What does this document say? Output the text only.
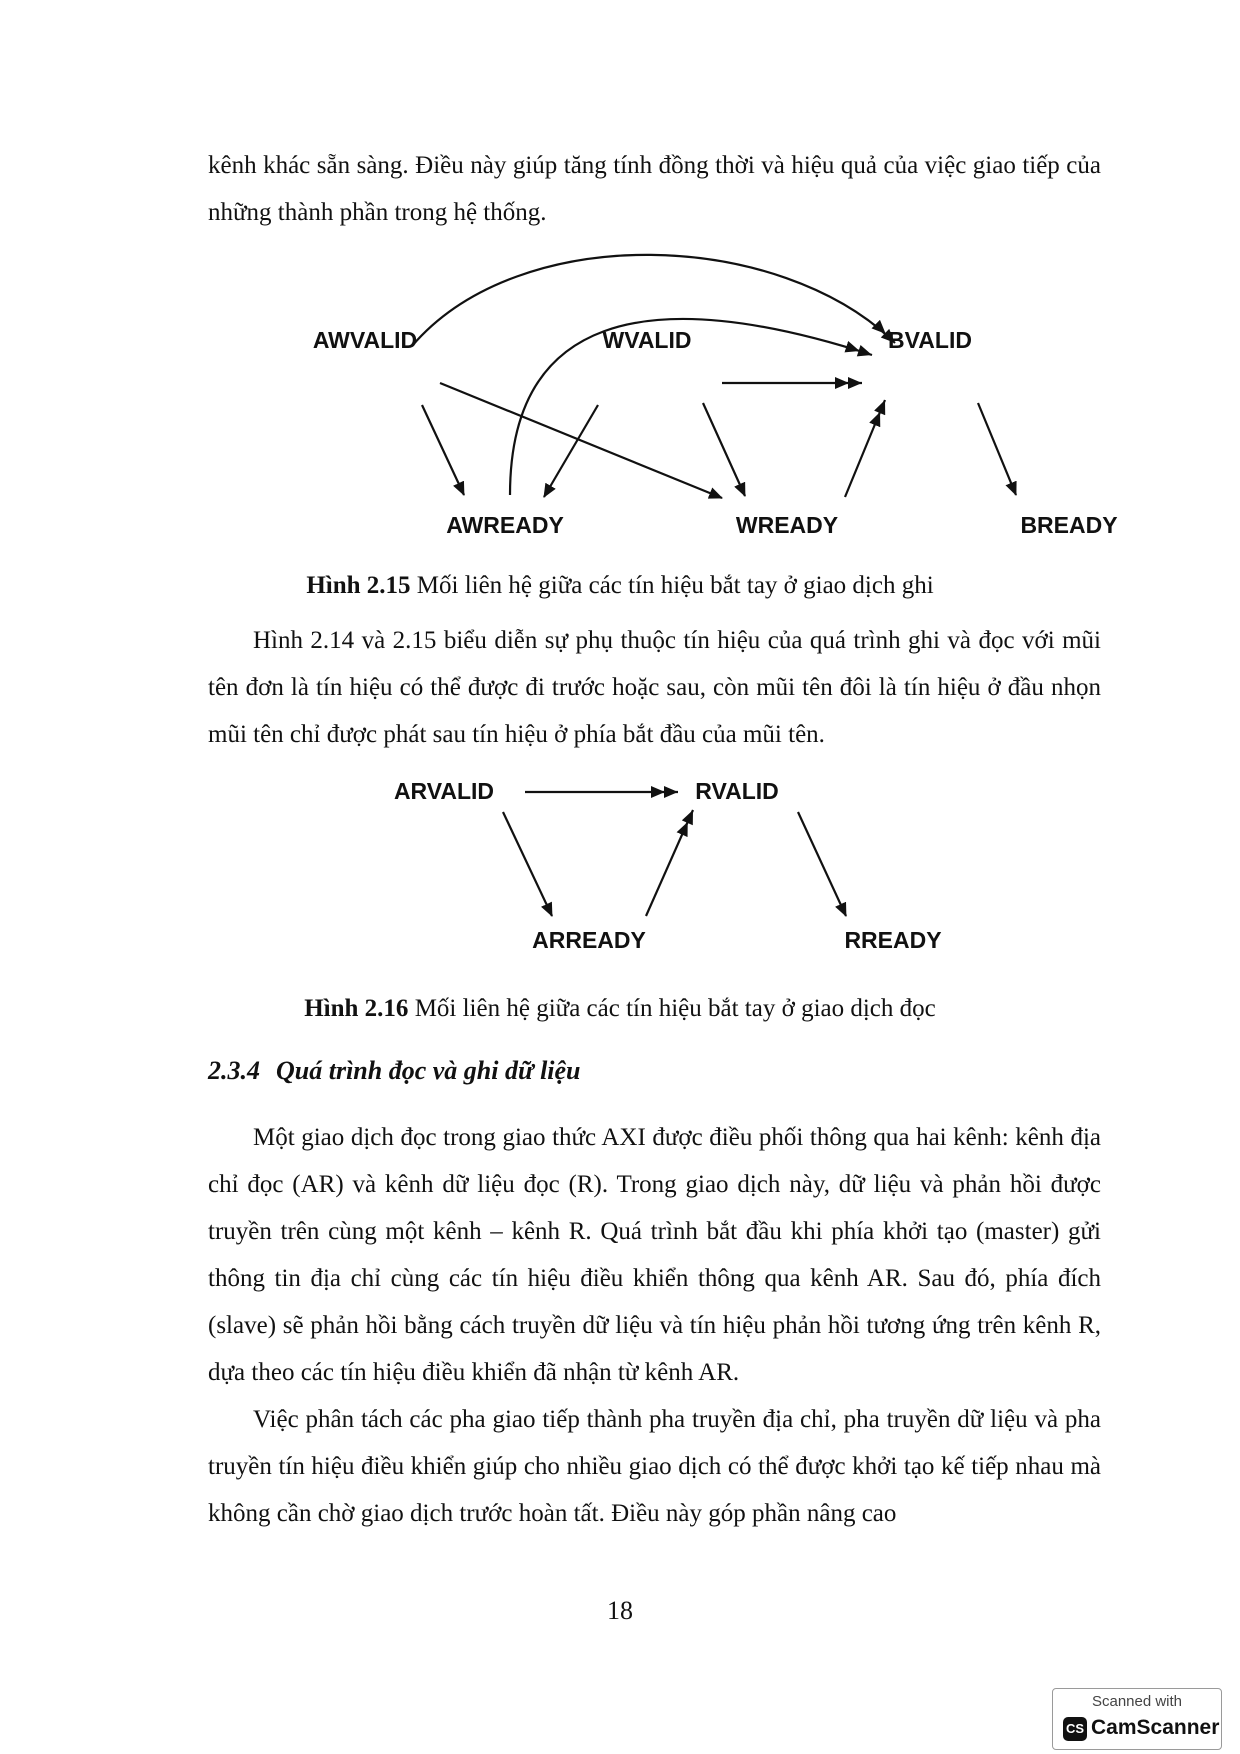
kênh khác sẵn sàng. Điều này giúp tăng tính đồng thời và hiệu quả của việc giao tiếp của những thành phần trong hệ thống.

AWVALID	WVALID	BVALID
AWREADY	WREADY	BREADY

Hình 2.15 Mối liên hệ giữa các tín hiệu bắt tay ở giao dịch ghi

Hình 2.14 và 2.15 biểu diễn sự phụ thuộc tín hiệu của quá trình ghi và đọc với mũi tên đơn là tín hiệu có thể được đi trước hoặc sau, còn mũi tên đôi là tín hiệu ở đầu nhọn mũi tên chỉ được phát sau tín hiệu ở phía bắt đầu của mũi tên.

ARVALID	RVALID
ARREADY	RREADY

Hình 2.16 Mối liên hệ giữa các tín hiệu bắt tay ở giao dịch đọc

2.3.4 Quá trình đọc và ghi dữ liệu

Một giao dịch đọc trong giao thức AXI được điều phối thông qua hai kênh: kênh địa chỉ đọc (AR) và kênh dữ liệu đọc (R). Trong giao dịch này, dữ liệu và phản hồi được truyền trên cùng một kênh – kênh R. Quá trình bắt đầu khi phía khởi tạo (master) gửi thông tin địa chỉ cùng các tín hiệu điều khiển thông qua kênh AR. Sau đó, phía đích (slave) sẽ phản hồi bằng cách truyền dữ liệu và tín hiệu phản hồi tương ứng trên kênh R, dựa theo các tín hiệu điều khiển đã nhận từ kênh AR.

Việc phân tách các pha giao tiếp thành pha truyền địa chỉ, pha truyền dữ liệu và pha truyền tín hiệu điều khiển giúp cho nhiều giao dịch có thể được khởi tạo kế tiếp nhau mà không cần chờ giao dịch trước hoàn tất. Điều này góp phần nâng cao

18
Scanned with
CS CamScanner
